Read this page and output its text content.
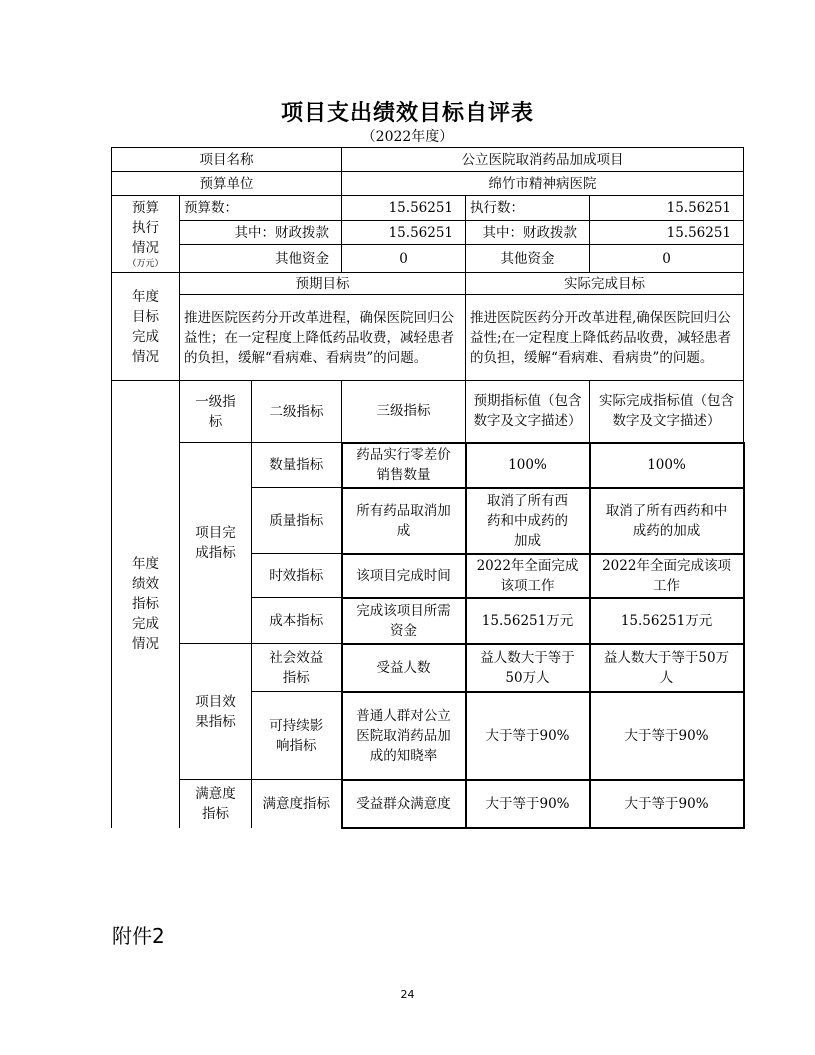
项目支出绩效目标自评表
（2022年度）
项目名称			公立医院取消药品加成项目		
预算单位			绵竹市精神病医院		

预算执行情况
（万元）	预算数：		15.56251	执行数：	15.56251
	其中：财政拨款		15.56251	其中：财政拨款	15.56251
	其他资金		0	其他资金	0

年度目标完成情况	预期目标			实际完成目标	
	推进医院医药分开改革进程，确保医院回归公益性；在一定程度上降低药品收费，减轻患者的负担，缓解“看病难、看病贵”的问题。			推进医院医药分开改革进程,确保医院回归公益性;在一定程度上降低药品收费，减轻患者的负担，缓解“看病难、看病贵”的问题。	

年度绩效指标完成情况	一级指标	二级指标	三级指标	预期指标值（包含数字及文字描述）	实际完成指标值（包含数字及文字描述）
	项目完成指标	数量指标	药品实行零差价销售数量	100%	100%
		质量指标	所有药品取消加成	取消了所有西药和中成药的加成	取消了所有西药和中成药的加成
		时效指标	该项目完成时间	2022年全面完成该项工作	2022年全面完成该项工作
		成本指标	完成该项目所需资金	15.56251万元	15.56251万元
	项目效果指标	社会效益指标	受益人数	益人数大于等于50万人	益人数大于等于50万人
		可持续影响指标	普通人群对公立医院取消药品加成的知晓率	大于等于90%	大于等于90%
	满意度指标	满意度指标	受益群众满意度	大于等于90%	大于等于90%
附件2
24
